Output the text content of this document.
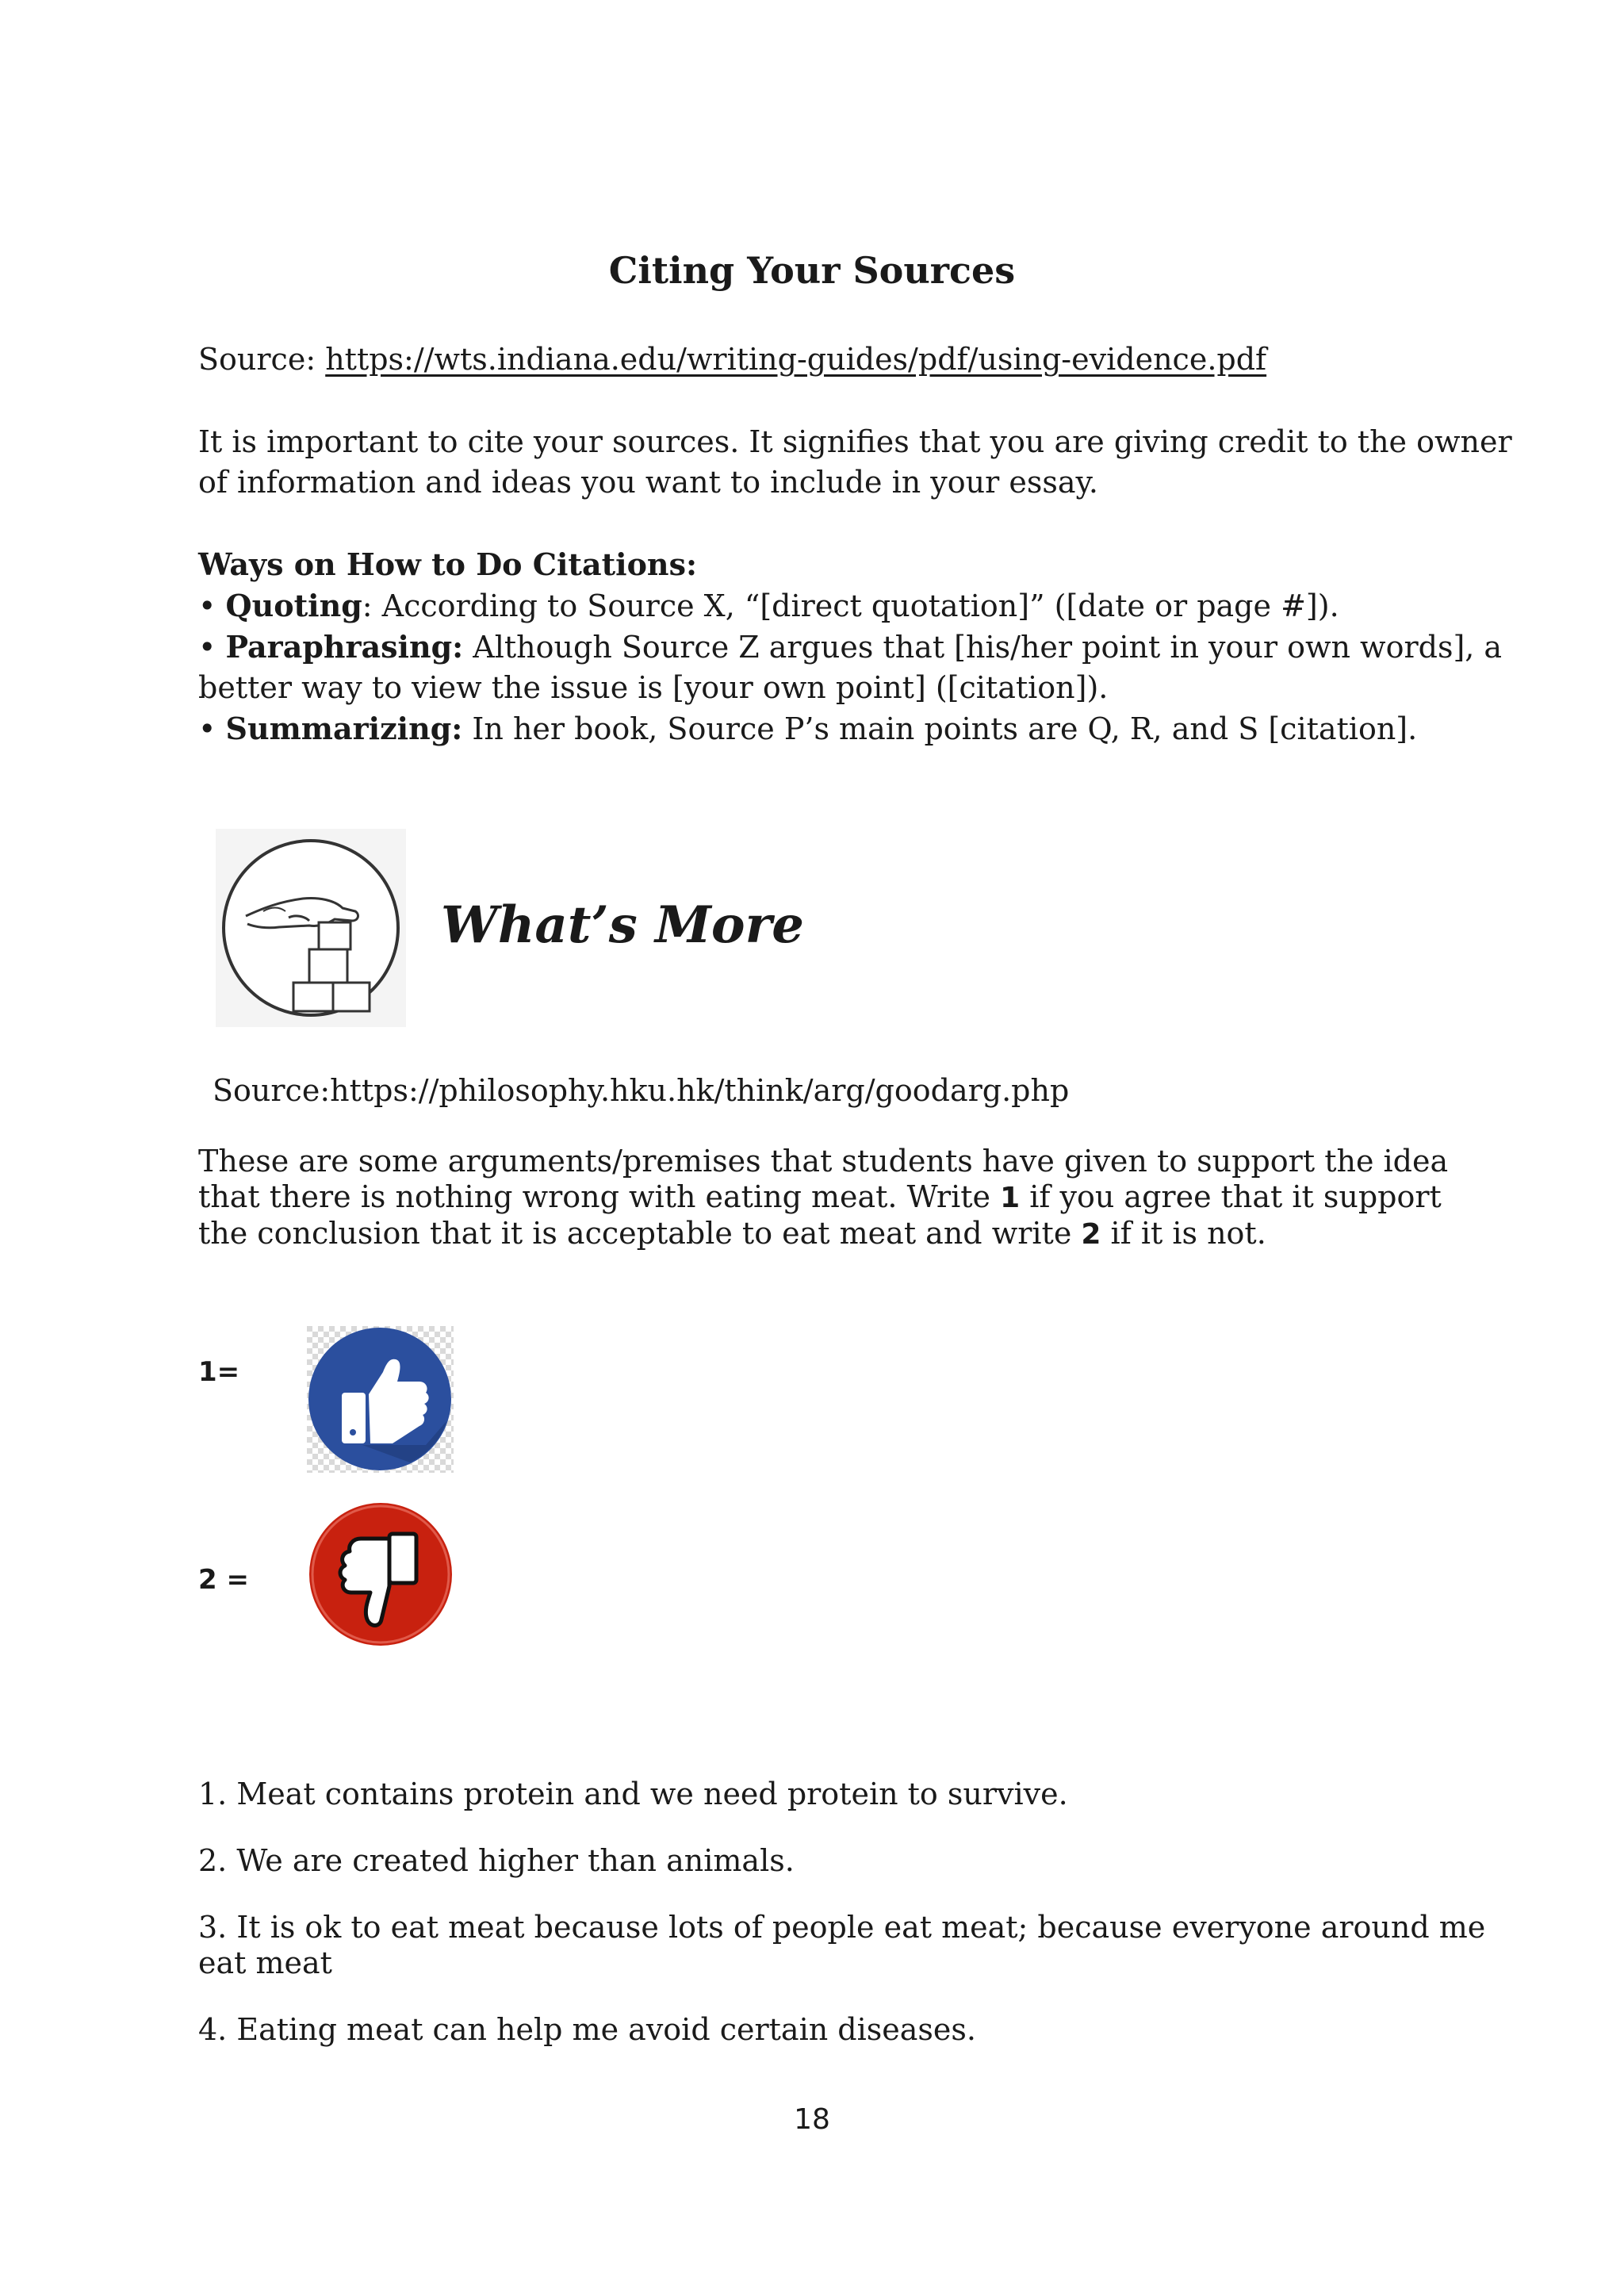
Citing Your Sources
Source: https://wts.indiana.edu/writing-guides/pdf/using-evidence.pdf
It is important to cite your sources. It signifies that you are giving credit to the owner
of information and ideas you want to include in your essay.
Ways on How to Do Citations:
• Quoting: According to Source X, “[direct quotation]” ([date or page #]).
• Paraphrasing: Although Source Z argues that [his/her point in your own words], a
better way to view the issue is [your own point] ([citation]).
• Summarizing: In her book, Source P’s main points are Q, R, and S [citation].
What’s More
Source:https://philosophy.hku.hk/think/arg/goodarg.php
These are some arguments/premises that students have given to support the idea
that there is nothing wrong with eating meat. Write 1 if you agree that it support
the conclusion that it is acceptable to eat meat and write 2 if it is not.
1=
2 =
1. Meat contains protein and we need protein to survive.
2. We are created higher than animals.
3. It is ok to eat meat because lots of people eat meat; because everyone around me
eat meat
4. Eating meat can help me avoid certain diseases.
18
